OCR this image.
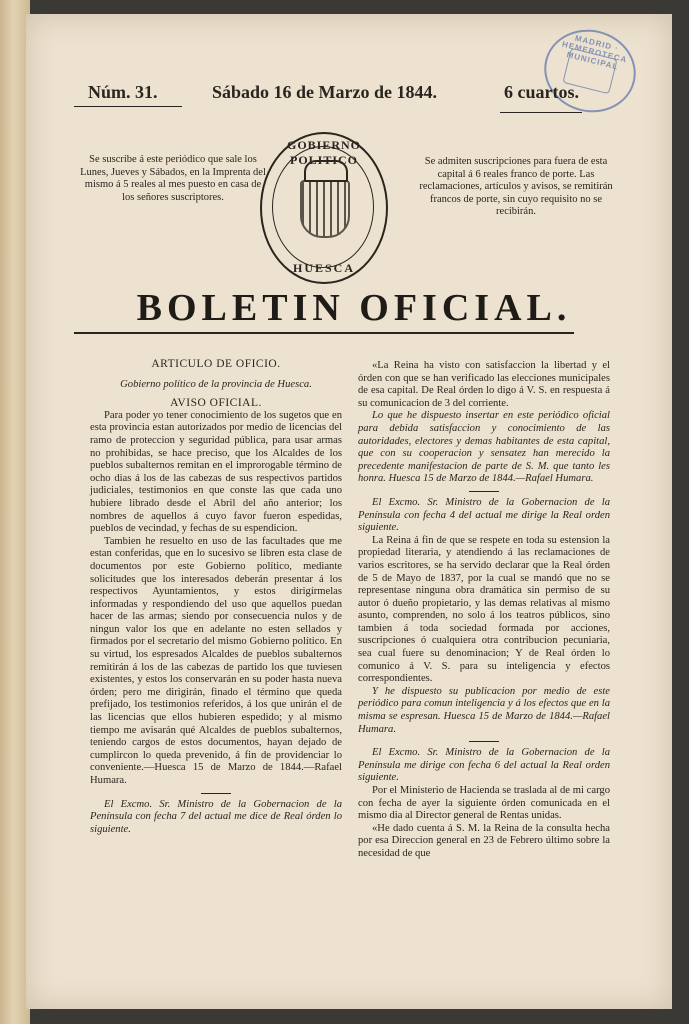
MADRID · HEMEROTECA MUNICIPAL
Núm. 31.	Sábado 16 de Marzo de 1844.	6 cuartos.
Se suscribe á este periódico que sale los Lunes, Jueves y Sábados, en la Imprenta del mismo á 5 reales al mes puesto en casa de los señores suscriptores.
Se admiten suscripciones para fuera de esta capital á 6 reales franco de porte. Las reclamaciones, artículos y avisos, se remitirán francos de porte, sin cuyo requisito no se recibirán.
GOBIERNO POLITICO
HUESCA
BOLETIN OFICIAL.

ARTICULO DE OFICIO.

Gobierno político de la provincia de Huesca.

AVISO OFICIAL.

Para poder yo tener conocimiento de los sugetos que en esta provincia estan autorizados por medio de licencias del ramo de proteccion y seguridad pública, para usar armas no prohibidas, se hace preciso, que los Alcaldes de los pueblos subalternos remitan en el improrogable término de ocho dias á los de las cabezas de sus respectivos partidos judiciales, testimonios en que conste las que cada uno hubiere librado desde el Abril del año anterior; los nombres de aquellos á cuyo favor fueron espedidas, pueblos de vecindad, y fechas de su espendicion.

Tambien he resuelto en uso de las facultades que me estan conferidas, que en lo sucesivo se libren esta clase de documentos por este Gobierno político, mediante solicitudes que los interesados deberán presentar á los respectivos Ayuntamientos, y estos dirigírmelas informadas y respondiendo del uso que aquellos puedan hacer de las armas; siendo por consecuencia nulos y de ningun valor los que en adelante no esten sellados y firmados por el secretario del mismo Gobierno político. En su virtud, los espresados Alcaldes de pueblos subalternos remitirán á los de las cabezas de partido los que tuviesen existentes, y estos los conservarán en su poder hasta nueva órden; pero me dirigirán, finado el término que queda prefijado, los testimonios referidos, á los que unirán el de las licencias que ellos hubieren espedido; y al mismo tiempo me avisarán qué Alcaldes de pueblos subalternos, teniendo cargos de estos documentos, hayan dejado de cumplircon lo queda prevenido, á fin de providenciar lo conveniente.—Huesca 15 de Marzo de 1844.—Rafael Humara.

El Excmo. Sr. Ministro de la Gobernacion de la Península con fecha 7 del actual me dice de Real órden lo siguiente.

«La Reina ha visto con satisfaccion la libertad y el órden con que se han verificado las elecciones municipales de esa capital. De Real órden lo digo á V. S. en respuesta á su comunicacion de 3 del corriente.

Lo que he dispuesto insertar en este periódico oficial para debida satisfaccion y conocimiento de las autoridades, electores y demas habitantes de esta capital, que con su cooperacion y sensatez han merecido la precedente manifestacion de parte de S. M. que tanto les honra. Huesca 15 de Marzo de 1844.—Rafael Humara.

El Excmo. Sr. Ministro de la Gobernacion de la Península con fecha 4 del actual me dirige la Real orden siguiente.

La Reina á fin de que se respete en toda su estension la propiedad literaria, y atendiendo á las reclamaciones de varios escritores, se ha servido declarar que la Real órden de 5 de Mayo de 1837, por la cual se mandó que no se representase ninguna obra dramática sin permiso de su autor ó dueño propietario, y las demas relativas al mismo asunto, comprenden, no solo á los teatros públicos, sino tambien á toda sociedad formada por acciones, suscripciones ó cualquiera otra contribucion pecuniaria, sea cual fuere su denominacion; Y de Real órden lo comunico á V. S. para su inteligencia y efectos correspondientes.

Y he dispuesto su publicacion por medio de este periódico para comun inteligencia y á los efectos que en la misma se espresan. Huesca 15 de Marzo de 1844.—Rafael Humara.

El Excmo. Sr. Ministro de la Gobernacion de la Península me dirige con fecha 6 del actual la Real orden siguiente.

Por el Ministerio de Hacienda se traslada al de mi cargo con fecha de ayer la siguiente órden comunicada en el mismo dia al Director general de Rentas unidas.

«He dado cuenta á S. M. la Reina de la consulta hecha por esa Direccion general en 23 de Febrero último sobre la necesidad de que
